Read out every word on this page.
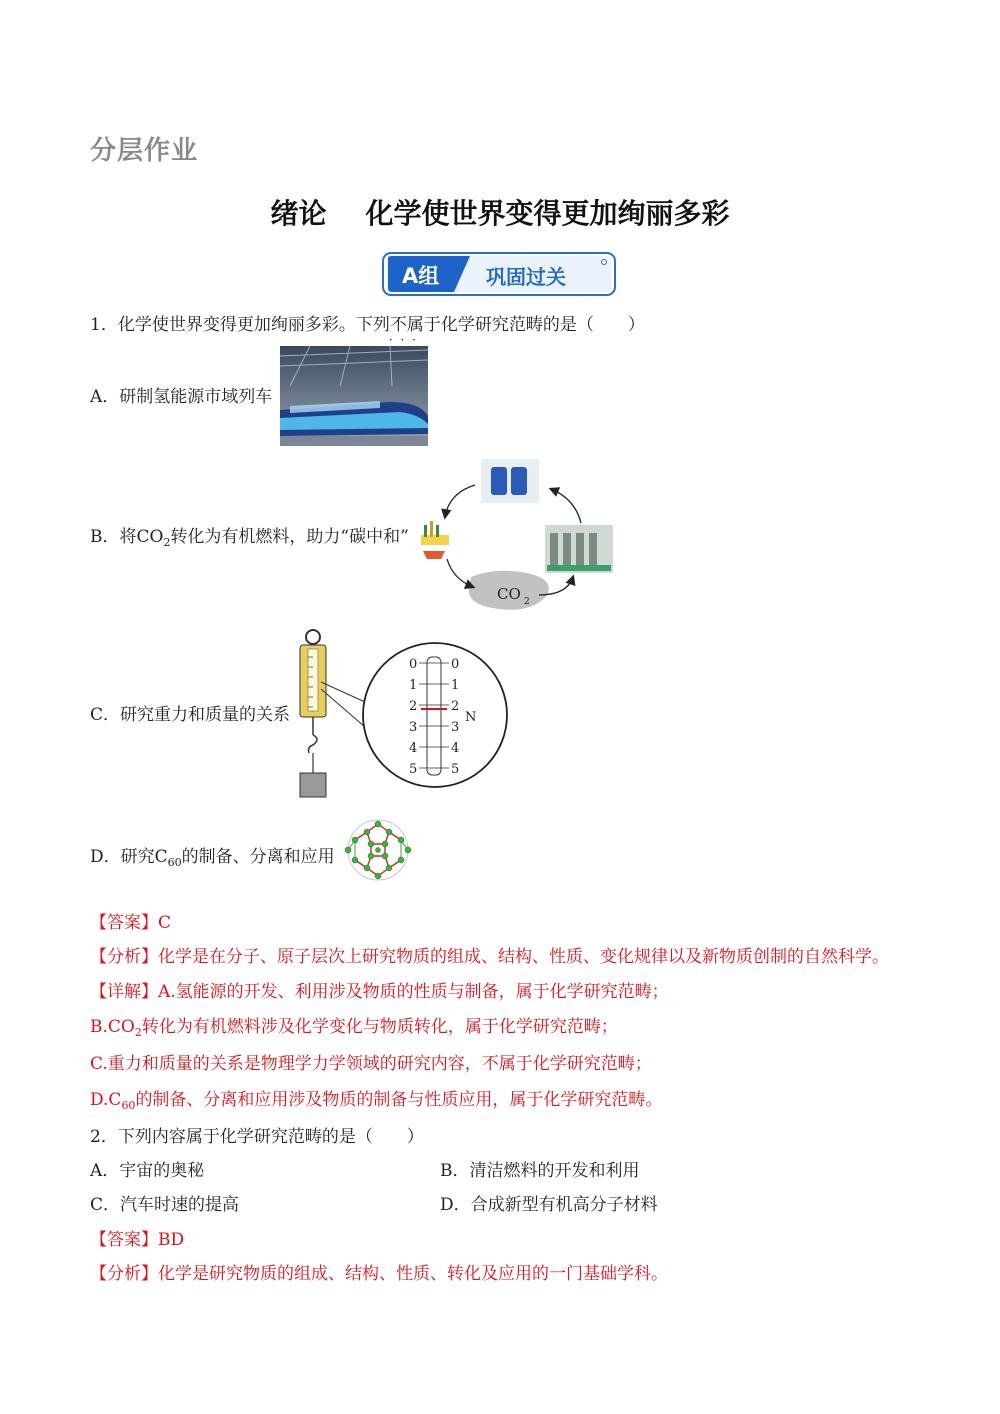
分层作业
绪论    化学使世界变得更加绚丽多彩
A组 巩固过关
1．化学使世界变得更加绚丽多彩。下列不属于 · · ·化学研究范畴的是（　　）
A．研制氢能源市域列车
B．将$CO_2$转化为有机燃料，助力“碳中和”
CO 2
C．研究重力和质量的关系
0
1
2
3
4
5
0
1
2
3
4
5
N
D．研究$C_{60}$的制备、分离和应用
【答案】C
【分析】化学是在分子、原子层次上研究物质的组成、结构、性质、变化规律以及新物质创制的自然科学。
【详解】A.氢能源的开发、利用涉及物质的性质与制备，属于化学研究范畴；
$B.CO_2$转化为有机燃料涉及化学变化与物质转化，属于化学研究范畴；
C.重力和质量的关系是物理学力学领域的研究内容，不属于化学研究范畴；
$D.C_{60}$的制备、分离和应用涉及物质的制备与性质应用，属于化学研究范畴。
2．下列内容属于化学研究范畴的是（　　）
A．宇宙的奥秘	B．清洁燃料的开发和利用
C．汽车时速的提高	D．合成新型有机高分子材料
【答案】BD
【分析】化学是研究物质的组成、结构、性质、转化及应用的一门基础学科。
